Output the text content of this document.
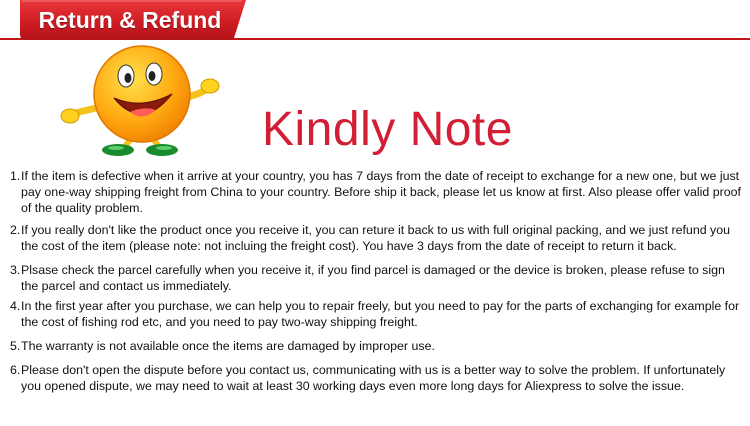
Return & Refund
Kindly Note
1. If the item is defective when it arrive at your country, you has 7 days from the date of receipt to exchange for a new one, but we just pay one-way shipping freight from China to your country. Before ship it back, please let us know at first. Also please offer valid proof of the quality problem.
2. If you really don't like the product once you receive it, you can reture it back to us with full original packing, and we just refund you the cost of the item (please note: not incluing the freight cost). You have 3 days from the date of receipt to return it back.
3. Plsase check the parcel carefully when you receive it, if you find parcel is damaged or the device is broken, please refuse to sign the parcel and contact us immediately.
4. In the first year after you purchase, we can help you to repair freely, but you need to pay for the parts of exchanging for example for the cost of fishing rod etc, and you need to pay two-way shipping freight.
5. The warranty is not available once the items are damaged by improper use.
6. Please don't open the dispute before you contact us, communicating with us is a better way to solve the problem. If unfortunately you opened dispute, we may need to wait at least 30 working days even more long days for Aliexpress to solve the issue.
